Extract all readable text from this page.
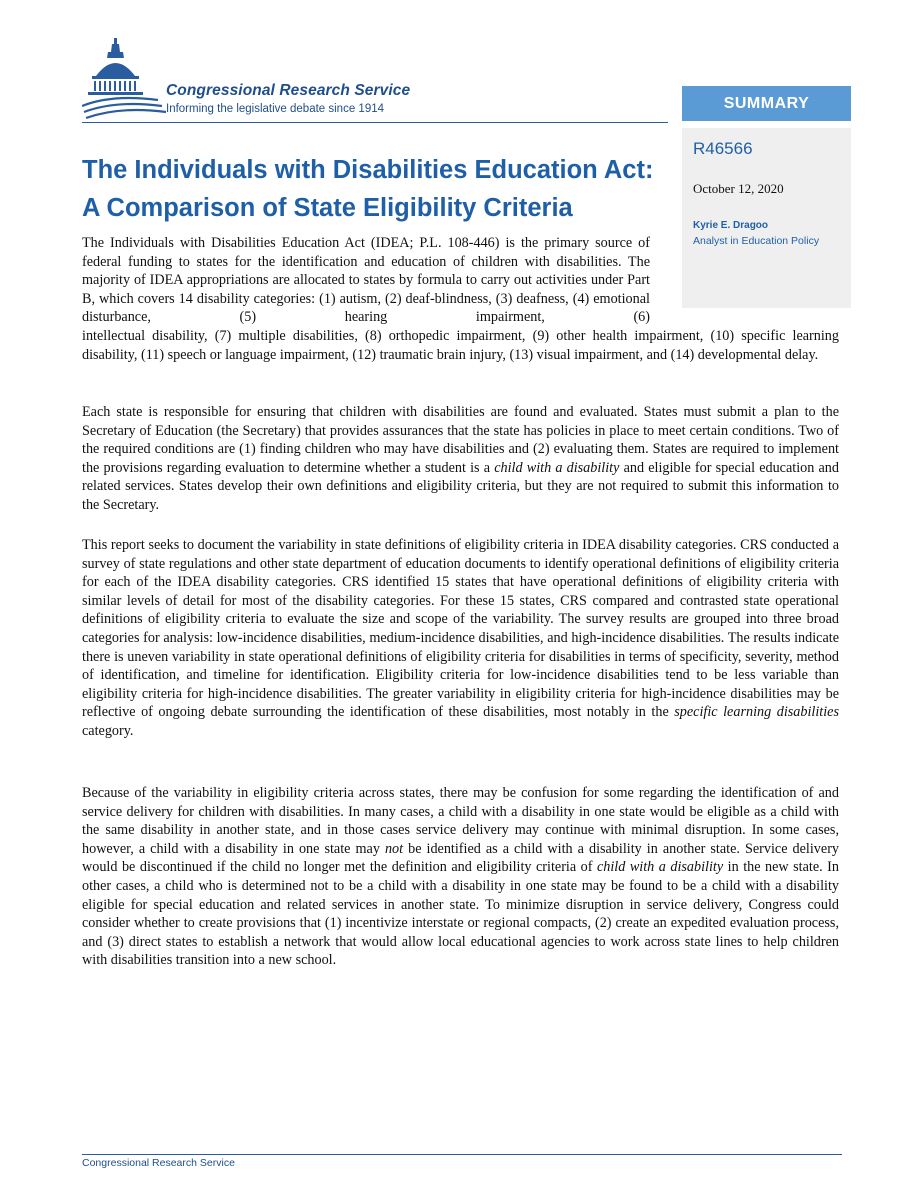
Congressional Research Service
Informing the legislative debate since 1914	SUMMARY
R46566
October 12, 2020
Kyrie E. Dragoo
Analyst in Education Policy
The Individuals with Disabilities Education Act:
A Comparison of State Eligibility Criteria

The Individuals with Disabilities Education Act (IDEA; P.L. 108-446) is the primary source of federal funding to states for the identification and education of children with disabilities. The majority of IDEA appropriations are allocated to states by formula to carry out activities under Part B, which covers 14 disability categories: (1) autism, (2) deaf-blindness, (3) deafness, (4) emotional disturbance, (5) hearing impairment, (6)

intellectual disability, (7) multiple disabilities, (8) orthopedic impairment, (9) other health impairment, (10) specific learning disability, (11) speech or language impairment, (12) traumatic brain injury, (13) visual impairment, and (14) developmental delay.

Each state is responsible for ensuring that children with disabilities are found and evaluated. States must submit a plan to the Secretary of Education (the Secretary) that provides assurances that the state has policies in place to meet certain conditions. Two of the required conditions are (1) finding children who may have disabilities and (2) evaluating them. States are required to implement the provisions regarding evaluation to determine whether a student is a child with a disability and eligible for special education and related services. States develop their own definitions and eligibility criteria, but they are not required to submit this information to the Secretary.

This report seeks to document the variability in state definitions of eligibility criteria in IDEA disability categories. CRS conducted a survey of state regulations and other state department of education documents to identify operational definitions of eligibility criteria for each of the IDEA disability categories. CRS identified 15 states that have operational definitions of eligibility criteria with similar levels of detail for most of the disability categories. For these 15 states, CRS compared and contrasted state operational definitions of eligibility criteria to evaluate the size and scope of the variability. The survey results are grouped into three broad categories for analysis: low-incidence disabilities, medium-incidence disabilities, and high-incidence disabilities. The results indicate there is uneven variability in state operational definitions of eligibility criteria for disabilities in terms of specificity, severity, method of identification, and timeline for identification. Eligibility criteria for low-incidence disabilities tend to be less variable than eligibility criteria for high-incidence disabilities. The greater variability in eligibility criteria for high-incidence disabilities may be reflective of ongoing debate surrounding the identification of these disabilities, most notably in the specific learning disabilities category.

Because of the variability in eligibility criteria across states, there may be confusion for some regarding the identification of and service delivery for children with disabilities. In many cases, a child with a disability in one state would be eligible as a child with the same disability in another state, and in those cases service delivery may continue with minimal disruption. In some cases, however, a child with a disability in one state may not be identified as a child with a disability in another state. Service delivery would be discontinued if the child no longer met the definition and eligibility criteria of child with a disability in the new state. In other cases, a child who is determined not to be a child with a disability in one state may be found to be a child with a disability eligible for special education and related services in another state. To minimize disruption in service delivery, Congress could consider whether to create provisions that (1) incentivize interstate or regional compacts, (2) create an expedited evaluation process, and (3) direct states to establish a network that would allow local educational agencies to work across state lines to help children with disabilities transition into a new school.

Congressional Research Service
